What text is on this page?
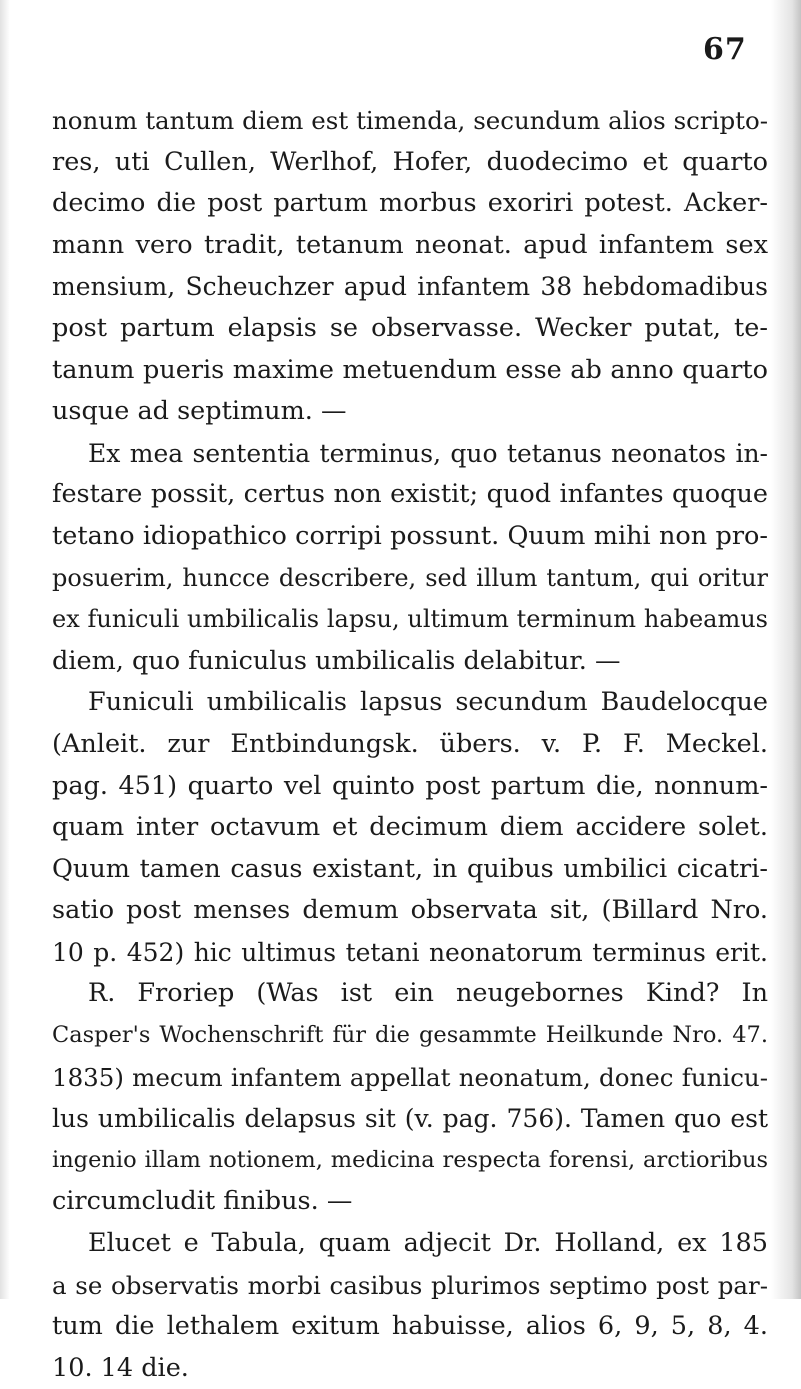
67
nonum tantum diem est timenda, secundum alios scripto-
res, uti Cullen, Werlhof, Hofer, duodecimo et quarto
decimo die post partum morbus exoriri potest. Acker-
mann vero tradit, tetanum neonat. apud infantem sex
mensium, Scheuchzer apud infantem 38 hebdomadibus
post partum elapsis se observasse. Wecker putat, te-
tanum pueris maxime metuendum esse ab anno quarto
usque ad septimum. —
Ex mea sententia terminus, quo tetanus neonatos in-
festare possit, certus non existit; quod infantes quoque
tetano idiopathico corripi possunt. Quum mihi non pro-
posuerim, huncce describere, sed illum tantum, qui oritur
ex funiculi umbilicalis lapsu, ultimum terminum habeamus
diem, quo funiculus umbilicalis delabitur. —
Funiculi umbilicalis lapsus secundum Baudelocque
(Anleit. zur Entbindungsk. übers. v. P. F. Meckel.
pag. 451) quarto vel quinto post partum die, nonnum-
quam inter octavum et decimum diem accidere solet.
Quum tamen casus existant, in quibus umbilici cicatri-
satio post menses demum observata sit, (Billard Nro.
10 p. 452) hic ultimus tetani neonatorum terminus erit.
R. Froriep (Was ist ein neugebornes Kind? In
Casper's Wochenschrift für die gesammte Heilkunde Nro. 47.
1835) mecum infantem appellat neonatum, donec funicu-
lus umbilicalis delapsus sit (v. pag. 756). Tamen quo est
ingenio illam notionem, medicina respecta forensi, arctioribus
circumcludit finibus. —
Elucet e Tabula, quam adjecit Dr. Holland, ex 185
a se observatis morbi casibus plurimos septimo post par-
tum die lethalem exitum habuisse, alios 6, 9, 5, 8, 4.
10. 14 die.
